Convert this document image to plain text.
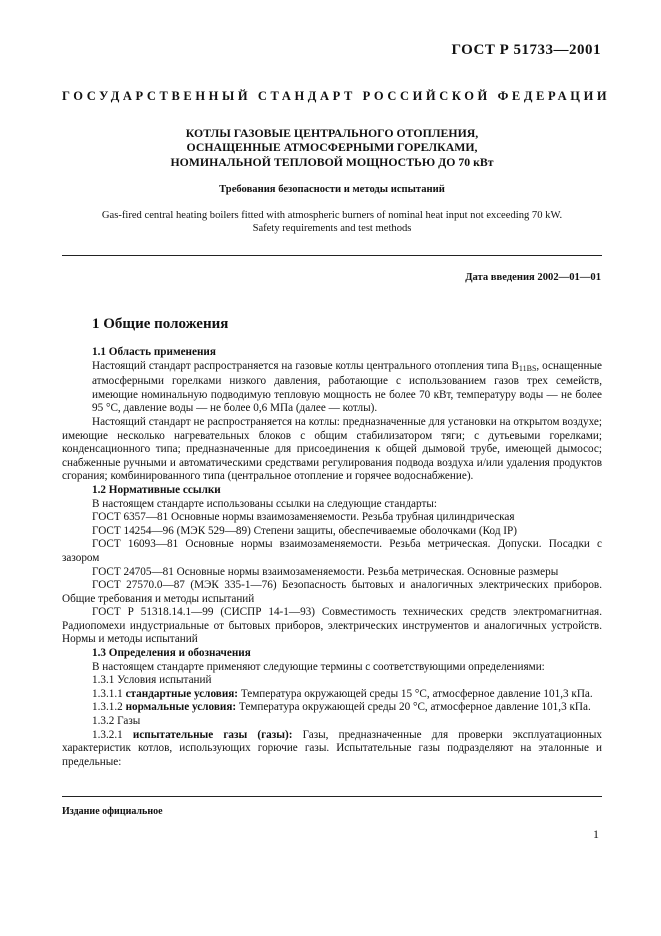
ГОСТ Р 51733—2001
ГОСУДАРСТВЕННЫЙ СТАНДАРТ РОССИЙСКОЙ ФЕДЕРАЦИИ
КОТЛЫ ГАЗОВЫЕ ЦЕНТРАЛЬНОГО ОТОПЛЕНИЯ,
ОСНАЩЕННЫЕ АТМОСФЕРНЫМИ ГОРЕЛКАМИ,
НОМИНАЛЬНОЙ ТЕПЛОВОЙ МОЩНОСТЬЮ ДО 70 кВт
Требования безопасности и методы испытаний
Gas-fired central heating boilers fitted with atmospheric burners of nominal heat input not exceeding 70 kW.
Safety requirements and test methods
Дата введения 2002—01—01
1 Общие положения

1.1 Область применения

Настоящий стандарт распространяется на газовые котлы центрального отопления типа $B_{11BS}$, оснащенные атмосферными горелками низкого давления, работающие с использованием газов трех семейств, имеющие номинальную подводимую тепловую мощность не более 70 кВт, температуру воды — не более 95 °С, давление воды — не более 0,6 МПа (далее — котлы).

Настоящий стандарт не распространяется на котлы: предназначенные для установки на открытом воздухе; имеющие несколько нагревательных блоков с общим стабилизатором тяги; с дутьевыми горелками; конденсационного типа; предназначенные для присоединения к общей дымовой трубе, имеющей дымосос; снабженные ручными и автоматическими средствами регулирования подвода воздуха и/или удаления продуктов сгорания; комбинированного типа (центральное отопление и горячее водоснабжение).

1.2 Нормативные ссылки

В настоящем стандарте использованы ссылки на следующие стандарты:

ГОСТ 6357—81 Основные нормы взаимозаменяемости. Резьба трубная цилиндрическая

ГОСТ 14254—96 (МЭК 529—89) Степени защиты, обеспечиваемые оболочками (Код IP)

ГОСТ 16093—81 Основные нормы взаимозаменяемости. Резьба метрическая. Допуски. Посадки с зазором

ГОСТ 24705—81 Основные нормы взаимозаменяемости. Резьба метрическая. Основные размеры

ГОСТ 27570.0—87 (МЭК 335-1—76) Безопасность бытовых и аналогичных электрических приборов. Общие требования и методы испытаний

ГОСТ Р 51318.14.1—99 (СИСПР 14-1—93) Совместимость технических средств электромагнитная. Радиопомехи индустриальные от бытовых приборов, электрических инструментов и аналогичных устройств. Нормы и методы испытаний

1.3 Определения и обозначения

В настоящем стандарте применяют следующие термины с соответствующими определениями:

1.3.1 Условия испытаний

1.3.1.1 стандартные условия: Температура окружающей среды 15 °С, атмосферное давление 101,3 кПа.

1.3.1.2 нормальные условия: Температура окружающей среды 20 °С, атмосферное давление 101,3 кПа.

1.3.2 Газы

1.3.2.1 испытательные газы (газы): Газы, предназначенные для проверки эксплуатационных характеристик котлов, использующих горючие газы. Испытательные газы подразделяют на эталонные и предельные:

Издание официальное
1
